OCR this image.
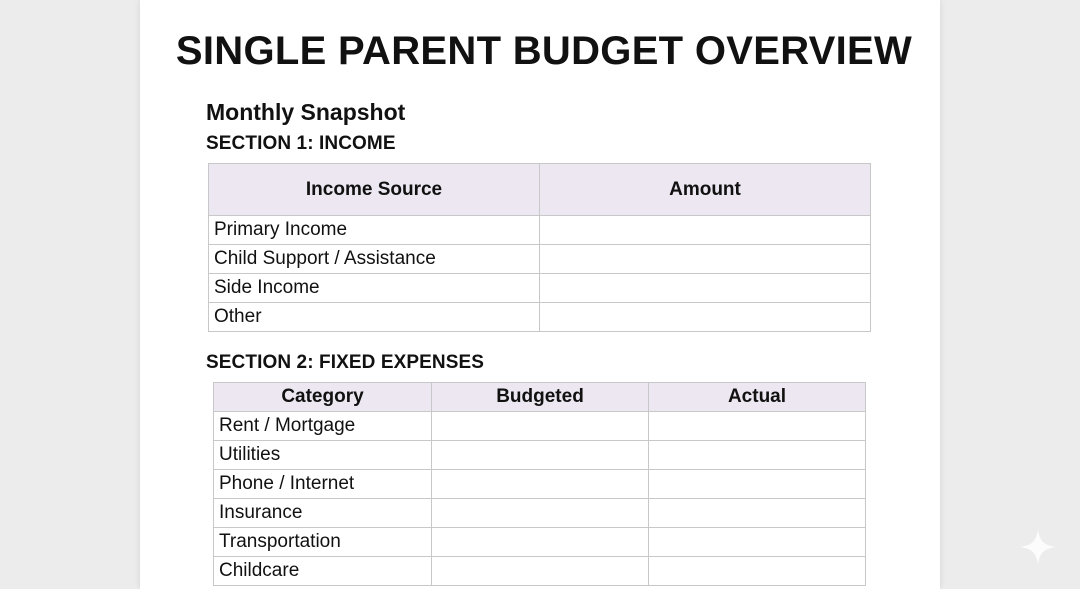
SINGLE PARENT BUDGET OVERVIEW
Monthly Snapshot
SECTION 1: INCOME
Income Source	Amount
Primary Income	
Child Support / Assistance	
Side Income	
Other	
SECTION 2: FIXED EXPENSES
Category	Budgeted	Actual
Rent / Mortgage		
Utilities		
Phone / Internet		
Insurance		
Transportation		
Childcare		
